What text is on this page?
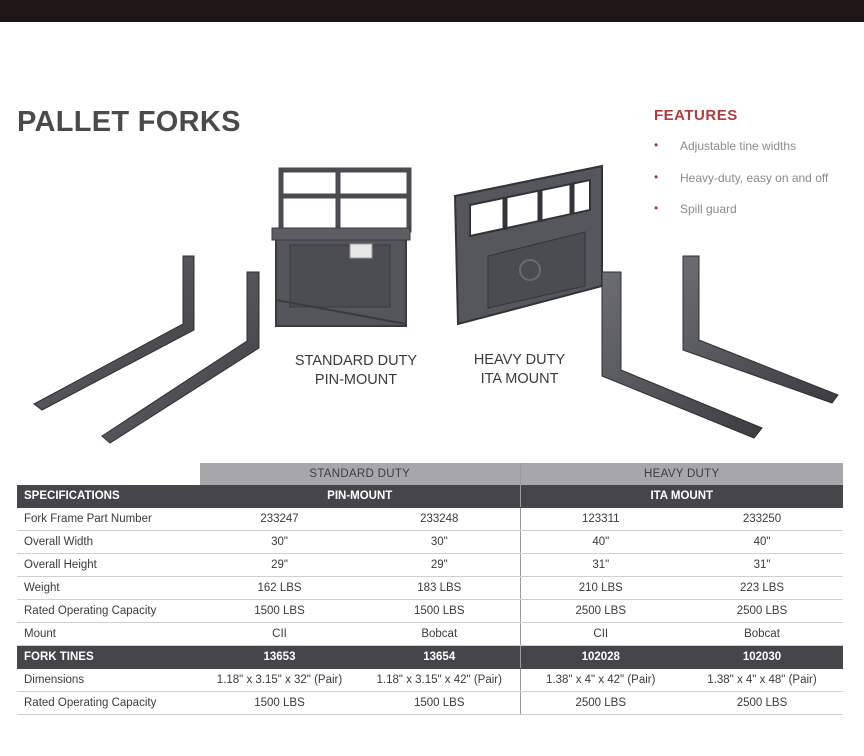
PALLET FORKS	FEATURES
• Adjustable tine widths
• Heavy-duty, easy on and off
• Spill guard
STANDARD DUTY
PIN-MOUNT
HEAVY DUTY
ITA MOUNT
	STANDARD DUTY		HEAVY DUTY	
SPECIFICATIONS	PIN-MOUNT		ITA MOUNT	
Fork Frame Part Number	233247	233248	123311	233250
Overall Width	30"	30"	40"	40"
Overall Height	29"	29"	31"	31"
Weight	162 LBS	183 LBS	210 LBS	223 LBS
Rated Operating Capacity	1500 LBS	1500 LBS	2500 LBS	2500 LBS
Mount	CII	Bobcat	CII	Bobcat
FORK TINES	13653	13654	102028	102030
Dimensions	1.18" x 3.15" x 32" (Pair)	1.18" x 3.15" x 42" (Pair)	1.38" x 4" x 42" (Pair)	1.38" x 4" x 48" (Pair)
Rated Operating Capacity	1500 LBS	1500 LBS	2500 LBS	2500 LBS
